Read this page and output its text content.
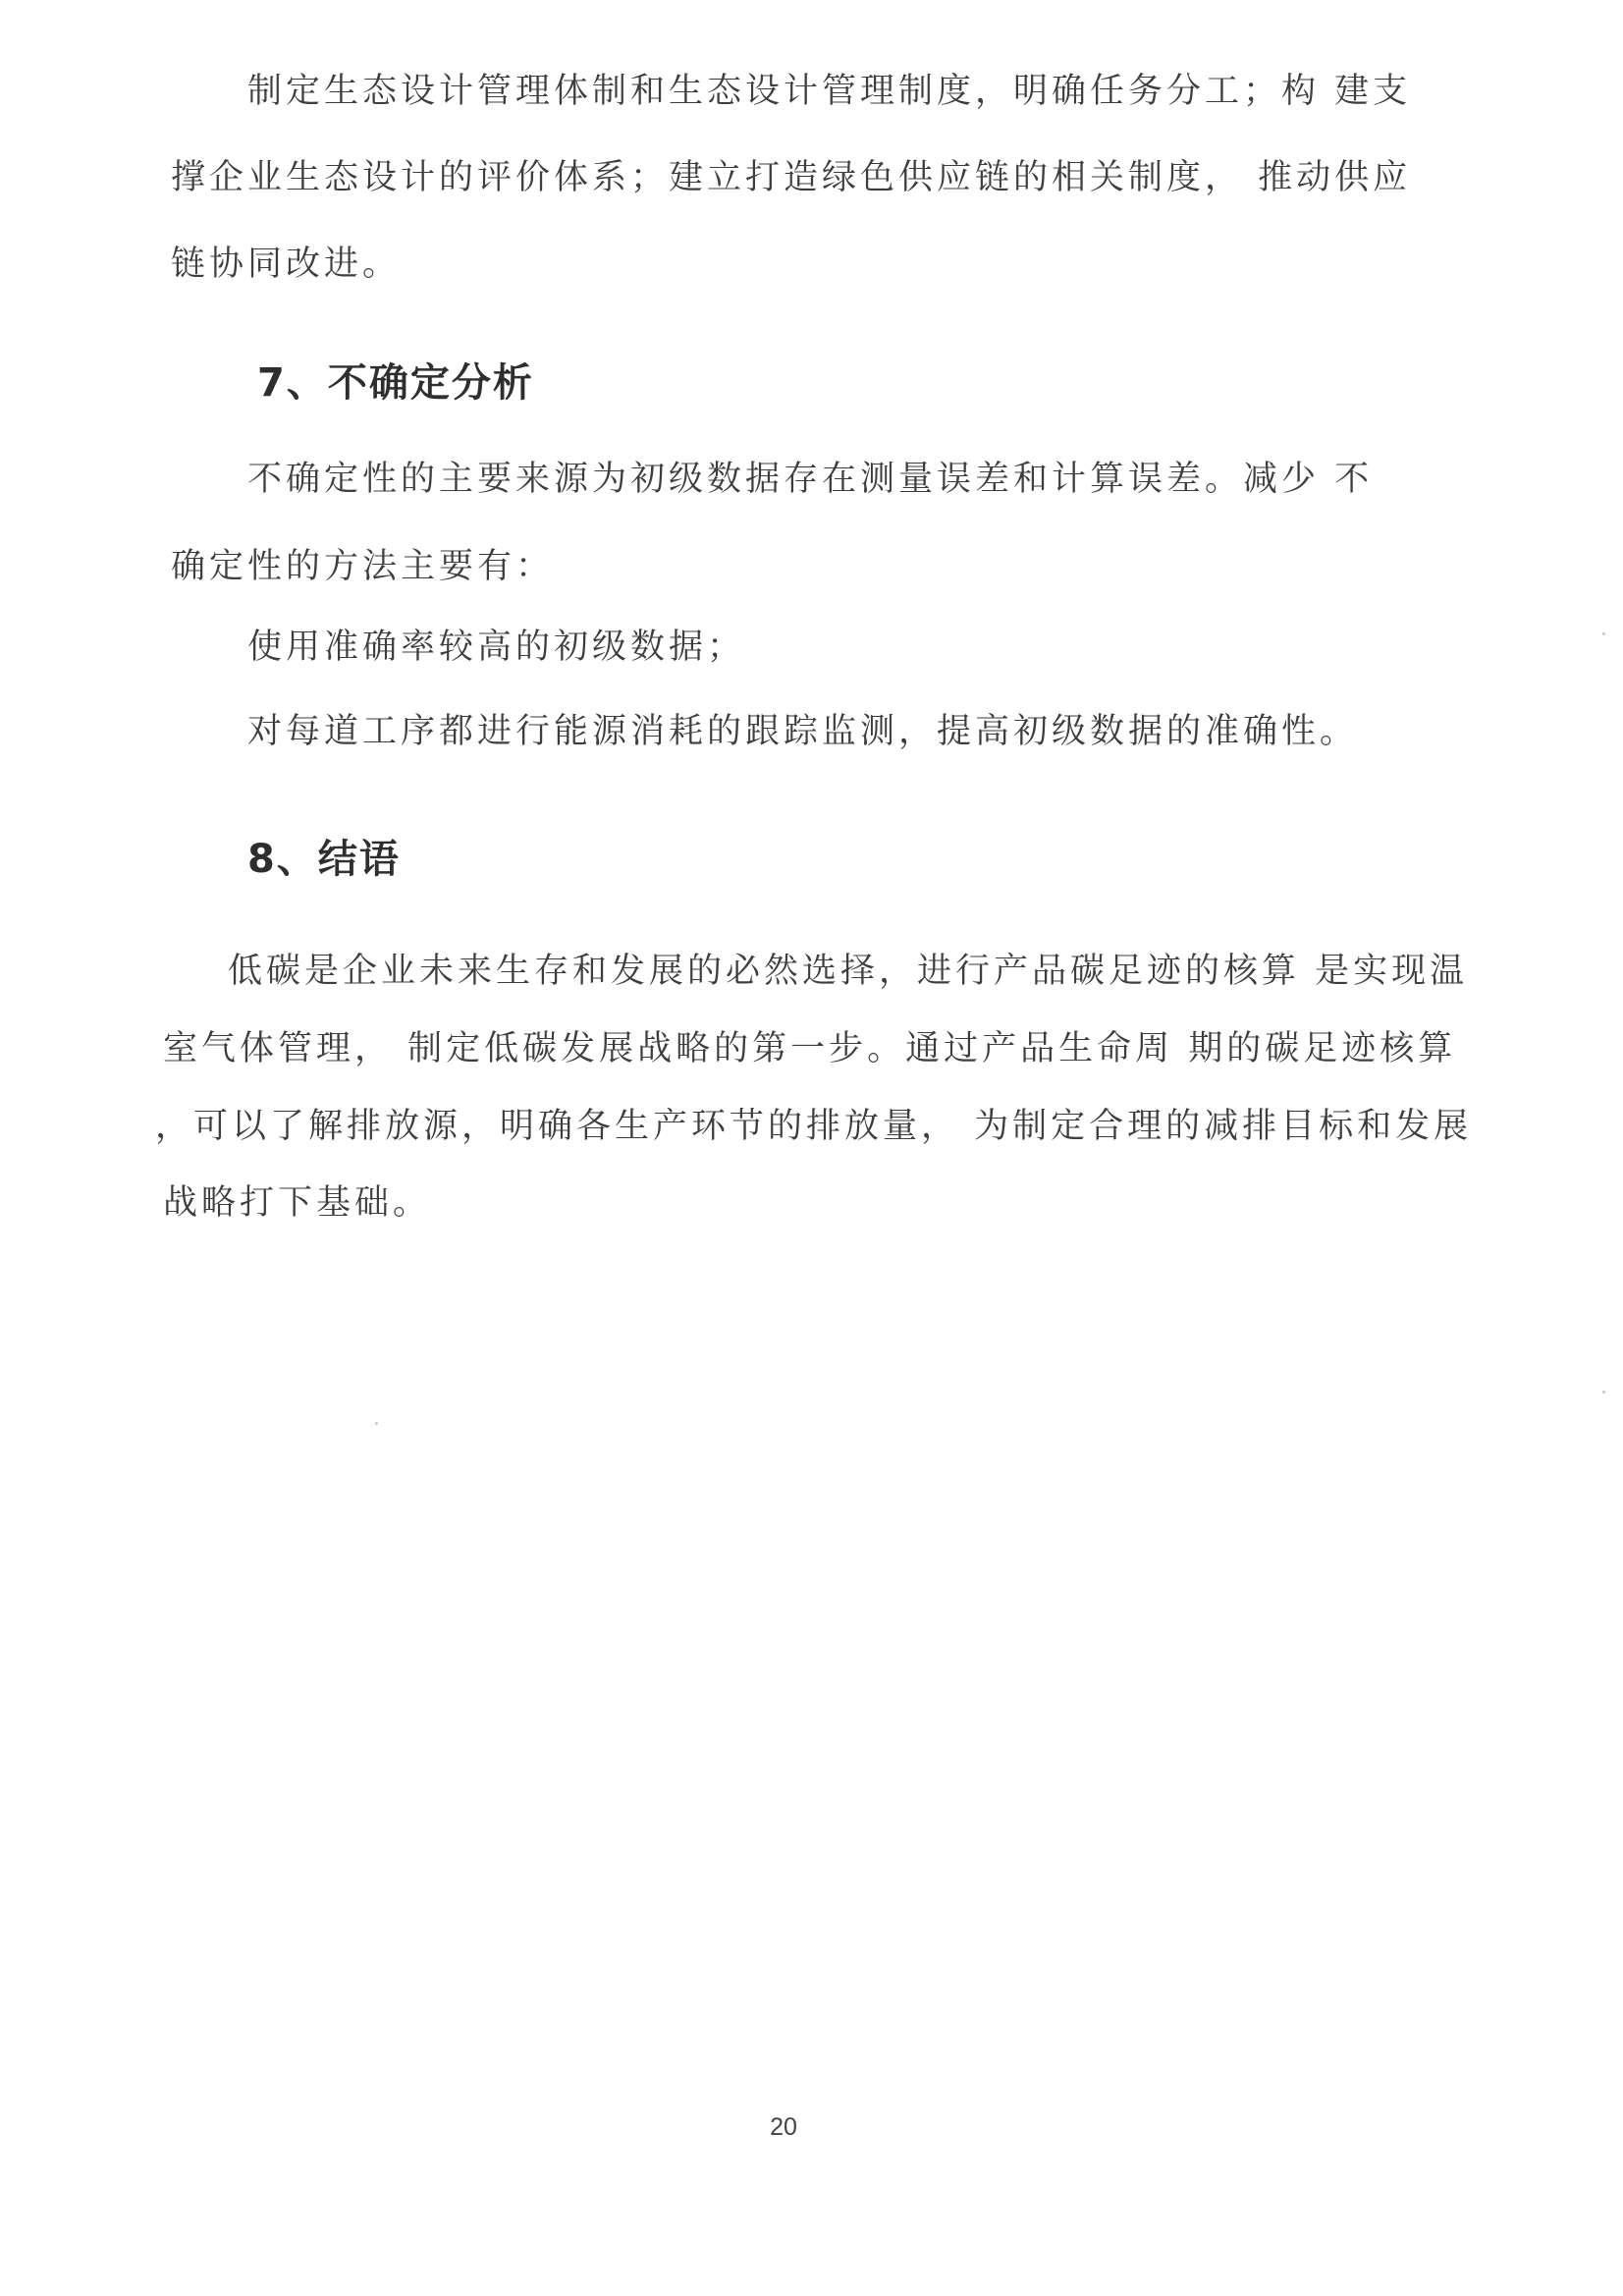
制定生态设计管理体制和生态设计管理制度，明确任务分工；构 建支

撑企业生态设计的评价体系；建立打造绿色供应链的相关制度， 推动供应

链协同改进。

7、不确定分析

不确定性的主要来源为初级数据存在测量误差和计算误差。减少 不

确定性的方法主要有：

使用准确率较高的初级数据；

对每道工序都进行能源消耗的跟踪监测，提高初级数据的准确性。

8、结语

低碳是企业未来生存和发展的必然选择，进行产品碳足迹的核算 是实现温

室气体管理， 制定低碳发展战略的第一步。通过产品生命周 期的碳足迹核算

，可以了解排放源，明确各生产环节的排放量， 为制定合理的减排目标和发展

战略打下基础。

20
